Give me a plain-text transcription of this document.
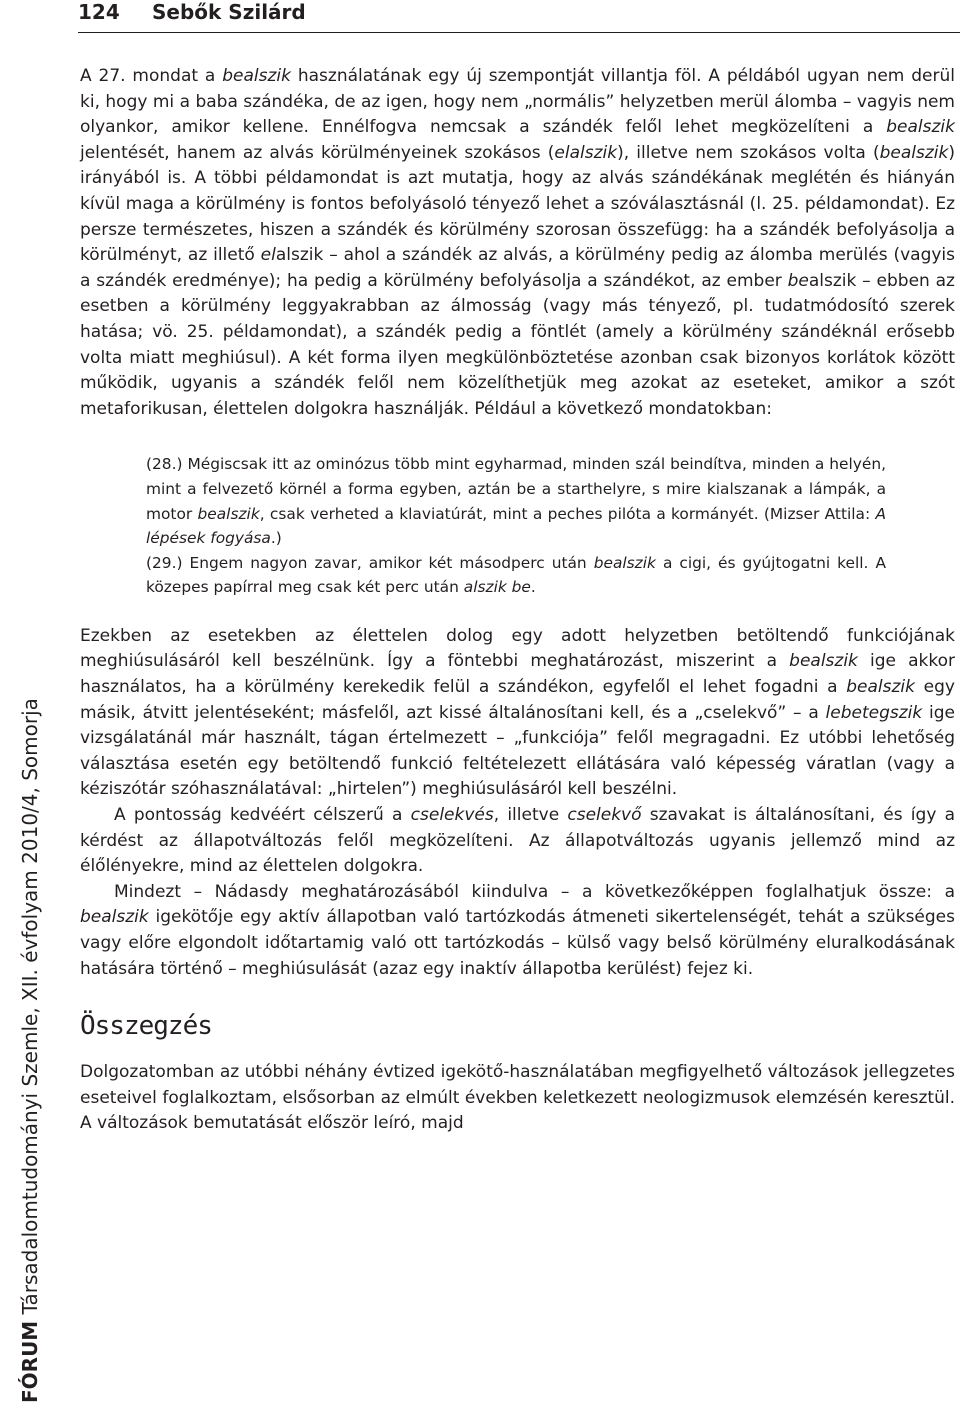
124 Sebők Szilárd
FÓRUM Társadalomtudományi Szemle, XII. évfolyam 2010/4, Somorja

A 27. mondat a bealszik használatának egy új szempontját villantja föl. A példából ugyan nem derül ki, hogy mi a baba szándéka, de az igen, hogy nem „normális” helyzetben merül álomba – vagyis nem olyankor, amikor kellene. Ennélfogva nemcsak a szándék felől lehet megközelíteni a bealszik jelentését, hanem az alvás körülményeinek szokásos (elalszik), illetve nem szokásos volta (bealszik) irányából is. A többi példamondat is azt mutatja, hogy az alvás szándékának meglétén és hiányán kívül maga a körülmény is fontos befolyásoló tényező lehet a szóválasztásnál (l. 25. példamondat). Ez persze természetes, hiszen a szándék és körülmény szorosan összefügg: ha a szándék befolyásolja a körülményt, az illető elalszik – ahol a szándék az alvás, a körülmény pedig az álomba merülés (vagyis a szándék eredménye); ha pedig a körülmény befolyásolja a szándékot, az ember bealszik – ebben az esetben a körülmény leggyakrabban az álmosság (vagy más tényező, pl. tudatmódosító szerek hatása; vö. 25. példamondat), a szándék pedig a föntlét (amely a körülmény szándéknál erősebb volta miatt meghiúsul). A két forma ilyen megkülönböztetése azonban csak bizonyos korlátok között működik, ugyanis a szándék felől nem közelíthetjük meg azokat az eseteket, amikor a szót metaforikusan, élettelen dolgokra használják. Például a következő mondatokban:

(28.) Mégiscsak itt az ominózus több mint egyharmad, minden szál beindítva, minden a helyén, mint a felvezető körnél a forma egyben, aztán be a starthelyre, s mire kialszanak a lámpák, a motor bealszik, csak verheted a klaviatúrát, mint a peches pilóta a kormányét. (Mizser Attila: A lépések fogyása.)

(29.) Engem nagyon zavar, amikor két másodperc után bealszik a cigi, és gyújtogatni kell. A közepes papírral meg csak két perc után alszik be.

Ezekben az esetekben az élettelen dolog egy adott helyzetben betöltendő funkciójának meghiúsulásáról kell beszélnünk. Így a föntebbi meghatározást, miszerint a bealszik ige akkor használatos, ha a körülmény kerekedik felül a szándékon, egyfelől el lehet fogadni a bealszik egy másik, átvitt jelentéseként; másfelől, azt kissé általánosítani kell, és a „cselekvő” – a lebetegszik ige vizsgálatánál már használt, tágan értelmezett – „funkciója” felől megragadni. Ez utóbbi lehetőség választása esetén egy betöltendő funkció feltételezett ellátására való képesség váratlan (vagy a kéziszótár szóhasználatával: „hirtelen”) meghiúsulásáról kell beszélni.

A pontosság kedvéért célszerű a cselekvés, illetve cselekvő szavakat is általánosítani, és így a kérdést az állapotváltozás felől megközelíteni. Az állapotváltozás ugyanis jellemző mind az élőlényekre, mind az élettelen dolgokra.

Mindezt – Nádasdy meghatározásából kiindulva – a következőképpen foglalhatjuk össze: a bealszik igekötője egy aktív állapotban való tartózkodás átmeneti sikertelenségét, tehát a szükséges vagy előre elgondolt időtartamig való ott tartózkodás – külső vagy belső körülmény eluralkodásának hatására történő – meghiúsulását (azaz egy inaktív állapotba kerülést) fejez ki.

Összegzés

Dolgozatomban az utóbbi néhány évtized igekötő-használatában megfigyelhető változások jellegzetes eseteivel foglalkoztam, elsősorban az elmúlt években keletkezett neologizmusok elemzésén keresztül. A változások bemutatását először leíró, majd
